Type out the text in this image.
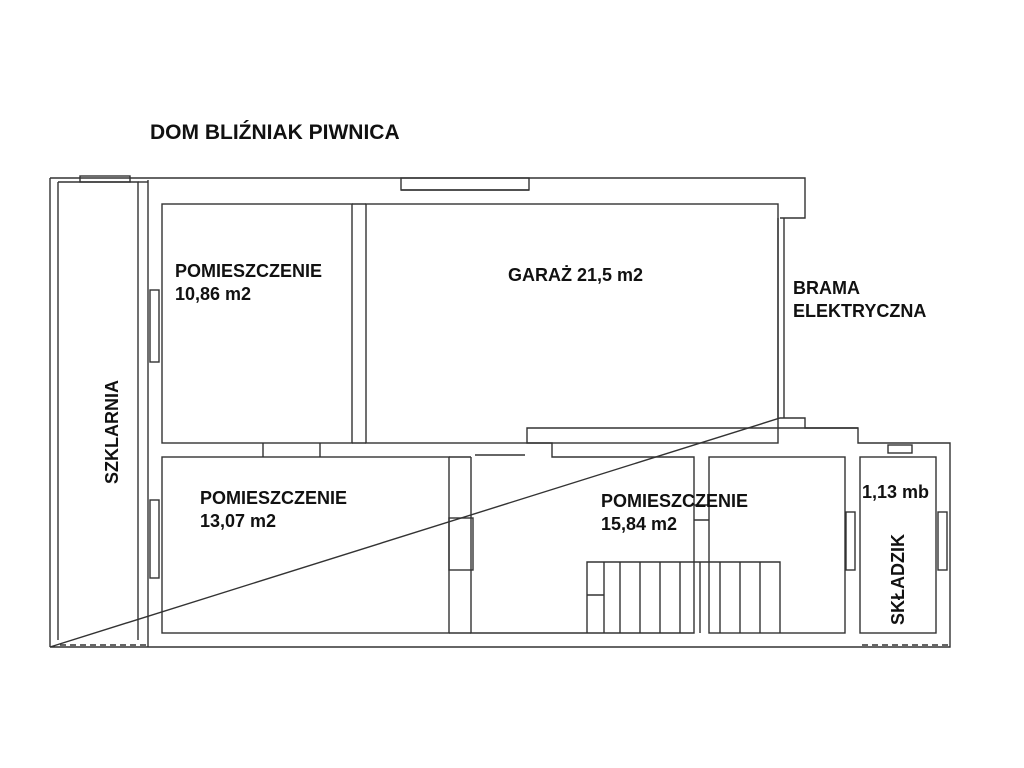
DOM BLIŹNIAK PIWNICA
POMIESZCZENIE
10,86 m2
GARAŻ 21,5 m2
BRAMA
ELEKTRYCZNA
POMIESZCZENIE
13,07 m2
POMIESZCZENIE
15,84 m2
SZKLARNIA
1,13 mb
SKŁADZIK
